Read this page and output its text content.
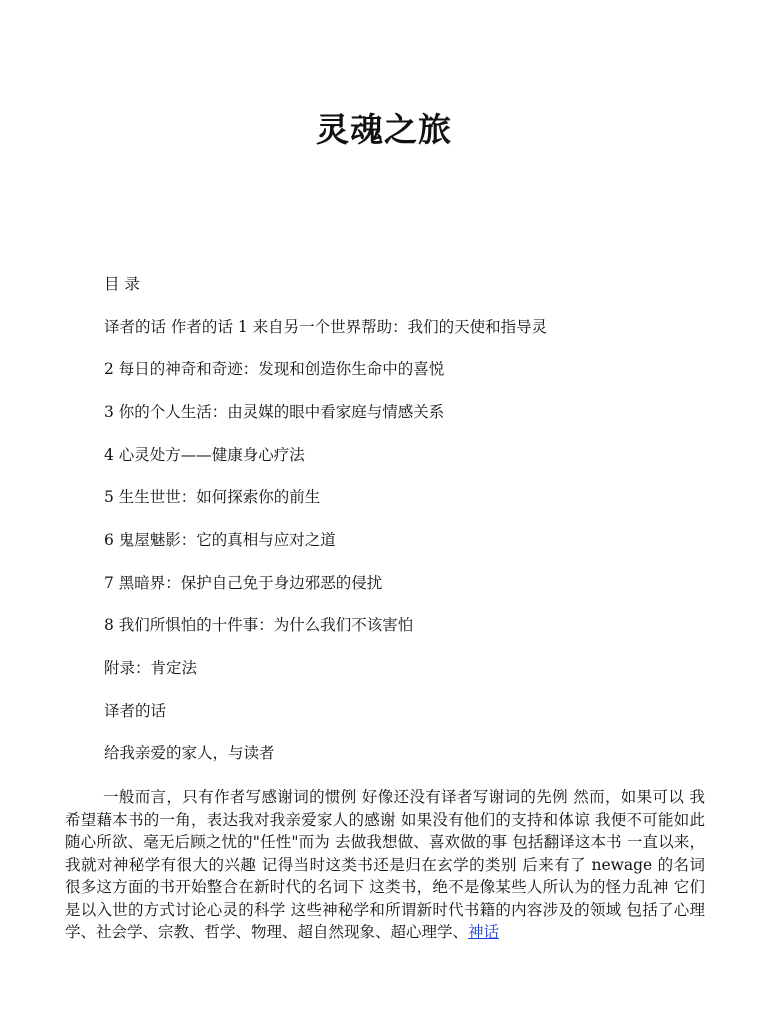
灵魂之旅
目 录
译者的话 作者的话 1 来自另一个世界帮助：我们的天使和指导灵
2 每日的神奇和奇迹：发现和创造你生命中的喜悦
3 你的个人生活：由灵媒的眼中看家庭与情感关系
4 心灵处方——健康身心疗法
5 生生世世：如何探索你的前生
6 鬼屋魅影：它的真相与应对之道
7 黑暗界：保护自己免于身边邪恶的侵扰
8 我们所惧怕的十件事：为什么我们不该害怕
附录：肯定法
译者的话
给我亲爱的家人，与读者
一般而言，只有作者写感谢词的惯例 好像还没有译者写谢词的先例 然而，如果可以 我希望藉本书的一角，表达我对我亲爱家人的感谢 如果没有他们的支持和体谅 我便不可能如此随心所欲、毫无后顾之忧的"任性"而为 去做我想做、喜欢做的事 包括翻译这本书 一直以来，我就对神秘学有很大的兴趣 记得当时这类书还是归在玄学的类别 后来有了 newage 的名词 很多这方面的书开始整合在新时代的名词下 这类书，绝不是像某些人所认为的怪力乱神 它们是以入世的方式讨论心灵的科学 这些神秘学和所谓新时代书籍的内容涉及的领域 包括了心理学、社会学、宗教、哲学、物理、超自然现象、超心理学、神话
